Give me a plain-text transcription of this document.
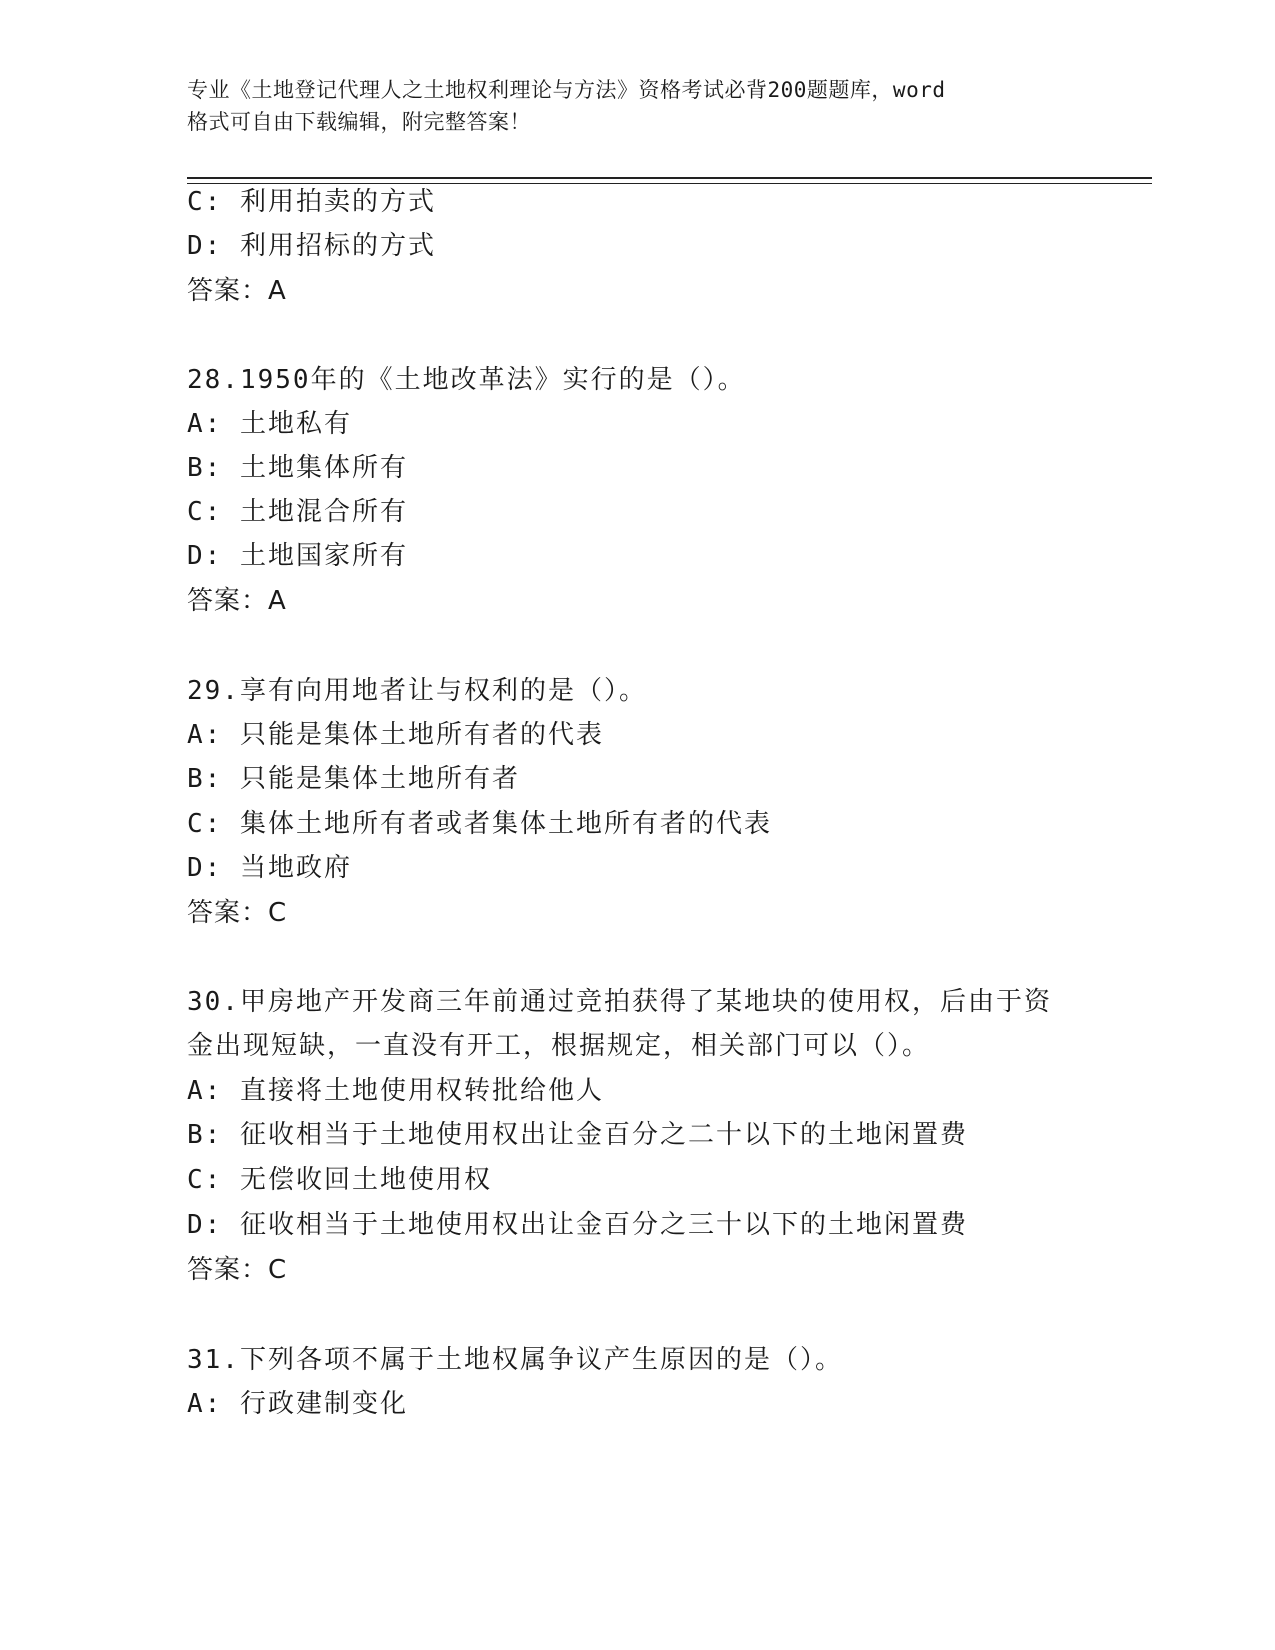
专业《土地登记代理人之土地权利理论与方法》资格考试必背200题题库，word
格式可自由下载编辑，附完整答案！
C: 利用拍卖的方式
D: 利用招标的方式
答案：A
28.1950年的《土地改革法》实行的是（）。
A: 土地私有
B: 土地集体所有
C: 土地混合所有
D: 土地国家所有
答案：A
29.享有向用地者让与权利的是（）。
A: 只能是集体土地所有者的代表
B: 只能是集体土地所有者
C: 集体土地所有者或者集体土地所有者的代表
D: 当地政府
答案：C
30.甲房地产开发商三年前通过竞拍获得了某地块的使用权，后由于资
金出现短缺，一直没有开工，根据规定，相关部门可以（）。
A: 直接将土地使用权转批给他人
B: 征收相当于土地使用权出让金百分之二十以下的土地闲置费
C: 无偿收回土地使用权
D: 征收相当于土地使用权出让金百分之三十以下的土地闲置费
答案：C
31.下列各项不属于土地权属争议产生原因的是（）。
A: 行政建制变化
